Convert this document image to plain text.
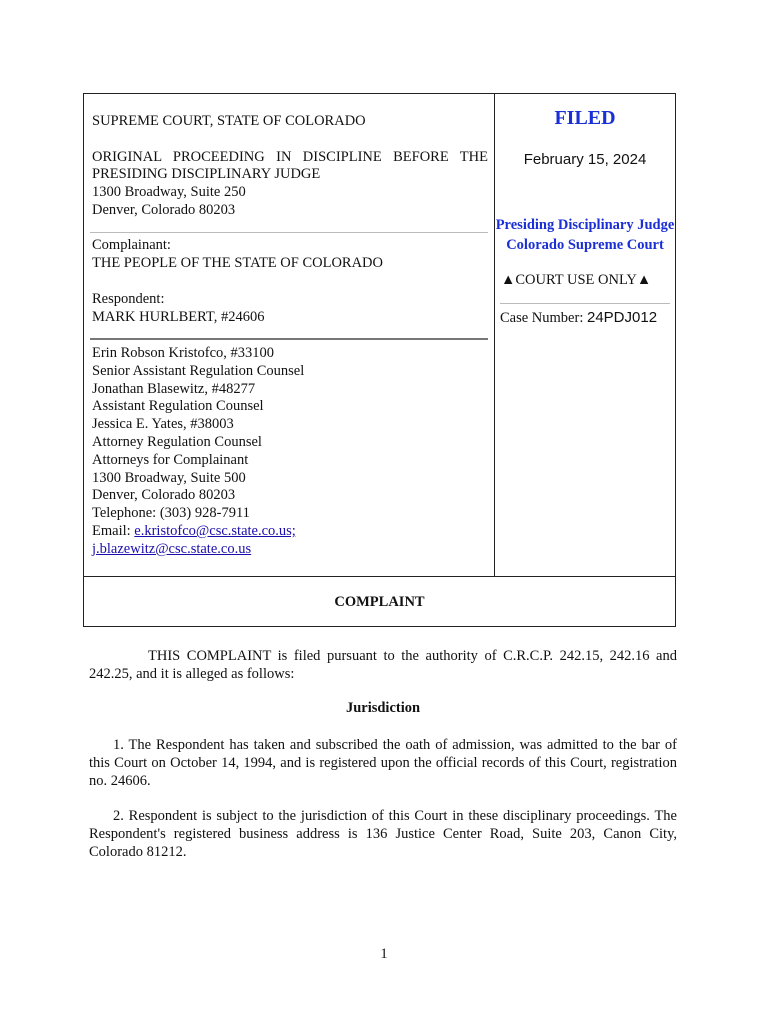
SUPREME COURT, STATE OF COLORADO
ORIGINAL PROCEEDING IN DISCIPLINE BEFORE THE
PRESIDING DISCIPLINARY JUDGE
1300 Broadway, Suite 250
Denver, Colorado 80203
Complainant:
THE PEOPLE OF THE STATE OF COLORADO
Respondent:
MARK HURLBERT, #24606
Erin Robson Kristofco, #33100
Senior Assistant Regulation Counsel
Jonathan Blasewitz, #48277
Assistant Regulation Counsel
Jessica E. Yates, #38003
Attorney Regulation Counsel
Attorneys for Complainant
1300 Broadway, Suite 500
Denver, Colorado 80203
Telephone: (303) 928-7911
Email: e.kristofco@csc.state.co.us;
j.blazewitz@csc.state.co.us
FILED
February 15, 2024
Presiding Disciplinary Judge
Colorado Supreme Court
▲COURT USE ONLY▲
Case Number: 24PDJ012
COMPLAINT
THIS COMPLAINT is filed pursuant to the authority of C.R.C.P. 242.15, 242.16 and 242.25, and it is alleged as follows:
Jurisdiction
1. The Respondent has taken and subscribed the oath of admission, was admitted to the bar of this Court on October 14, 1994, and is registered upon the official records of this Court, registration no. 24606.
2. Respondent is subject to the jurisdiction of this Court in these disciplinary proceedings. The Respondent's registered business address is 136 Justice Center Road, Suite 203, Canon City, Colorado 81212.
1
